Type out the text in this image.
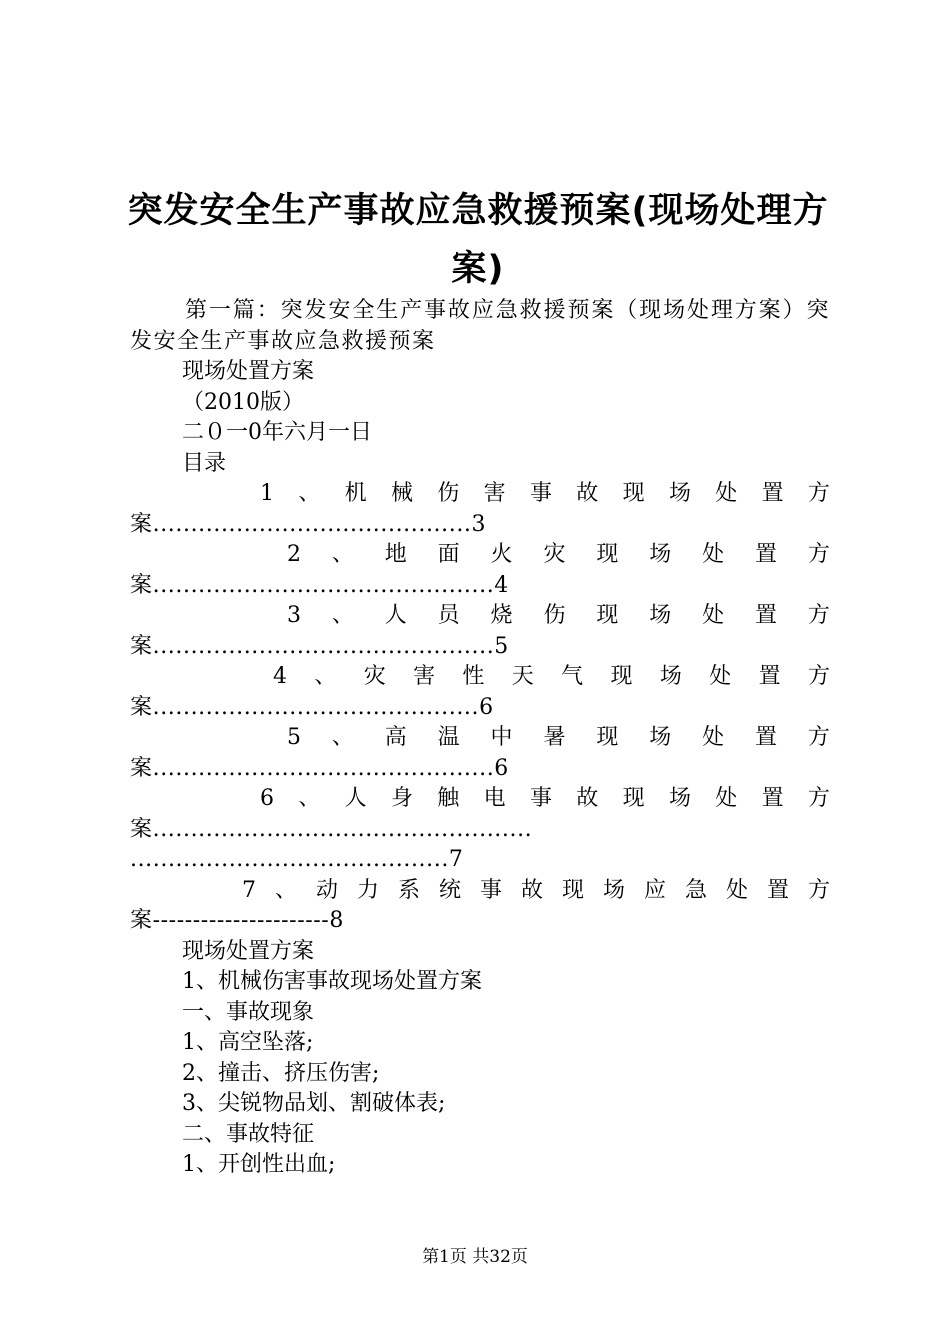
突发安全生产事故应急救援预案(现场处理方案)
第一篇：突发安全生产事故应急救援预案（现场处理方案）突发安全生产事故应急救援预案
现场处置方案
（2010版）
二０一0年六月一日
目录
1 、 机 械 伤 害 事 故 现 场 处 置 方
案..........................................3
2 、 地 面 火 灾 现 场 处 置 方
案.............................................4
3 、 人 员 烧 伤 现 场 处 置 方
案.............................................5
4 、 灾 害 性 天 气 现 场 处 置 方
案...........................................6
5 、 高 温 中 暑 现 场 处 置 方
案.............................................6
6 、 人 身 触 电 事 故 现 场 处 置 方
案..................................................
..........................................7
7 、 动 力 系 统 事 故 现 场 应 急 处 置 方
案----------------------8
现场处置方案
1、机械伤害事故现场处置方案
一、事故现象
1、高空坠落;
2、撞击、挤压伤害;
3、尖锐物品划、割破体表;
二、事故特征
1、开创性出血;
第1页 共32页
